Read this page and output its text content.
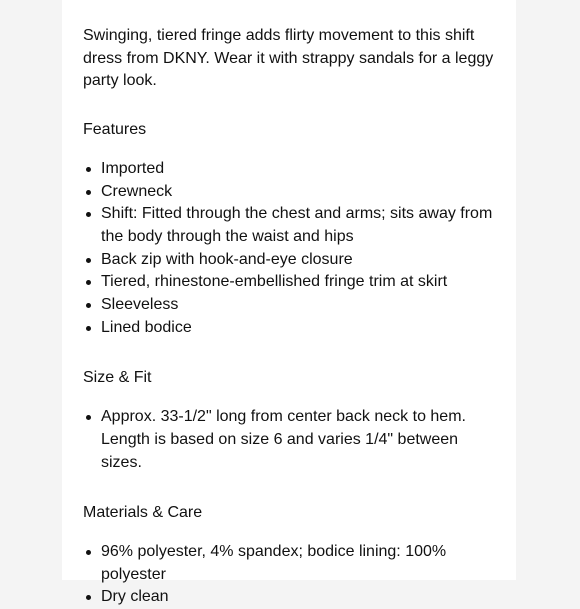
Swinging, tiered fringe adds flirty movement to this shift dress from DKNY. Wear it with strappy sandals for a leggy party look.

Features
Imported
Crewneck
Shift: Fitted through the chest and arms; sits away from the body through the waist and hips
Back zip with hook-and-eye closure
Tiered, rhinestone-embellished fringe trim at skirt
Sleeveless
Lined bodice
Size & Fit
Approx. 33-1/2" long from center back neck to hem. Length is based on size 6 and varies 1/4" between sizes.
Materials & Care
96% polyester, 4% spandex; bodice lining: 100% polyester
Dry clean
